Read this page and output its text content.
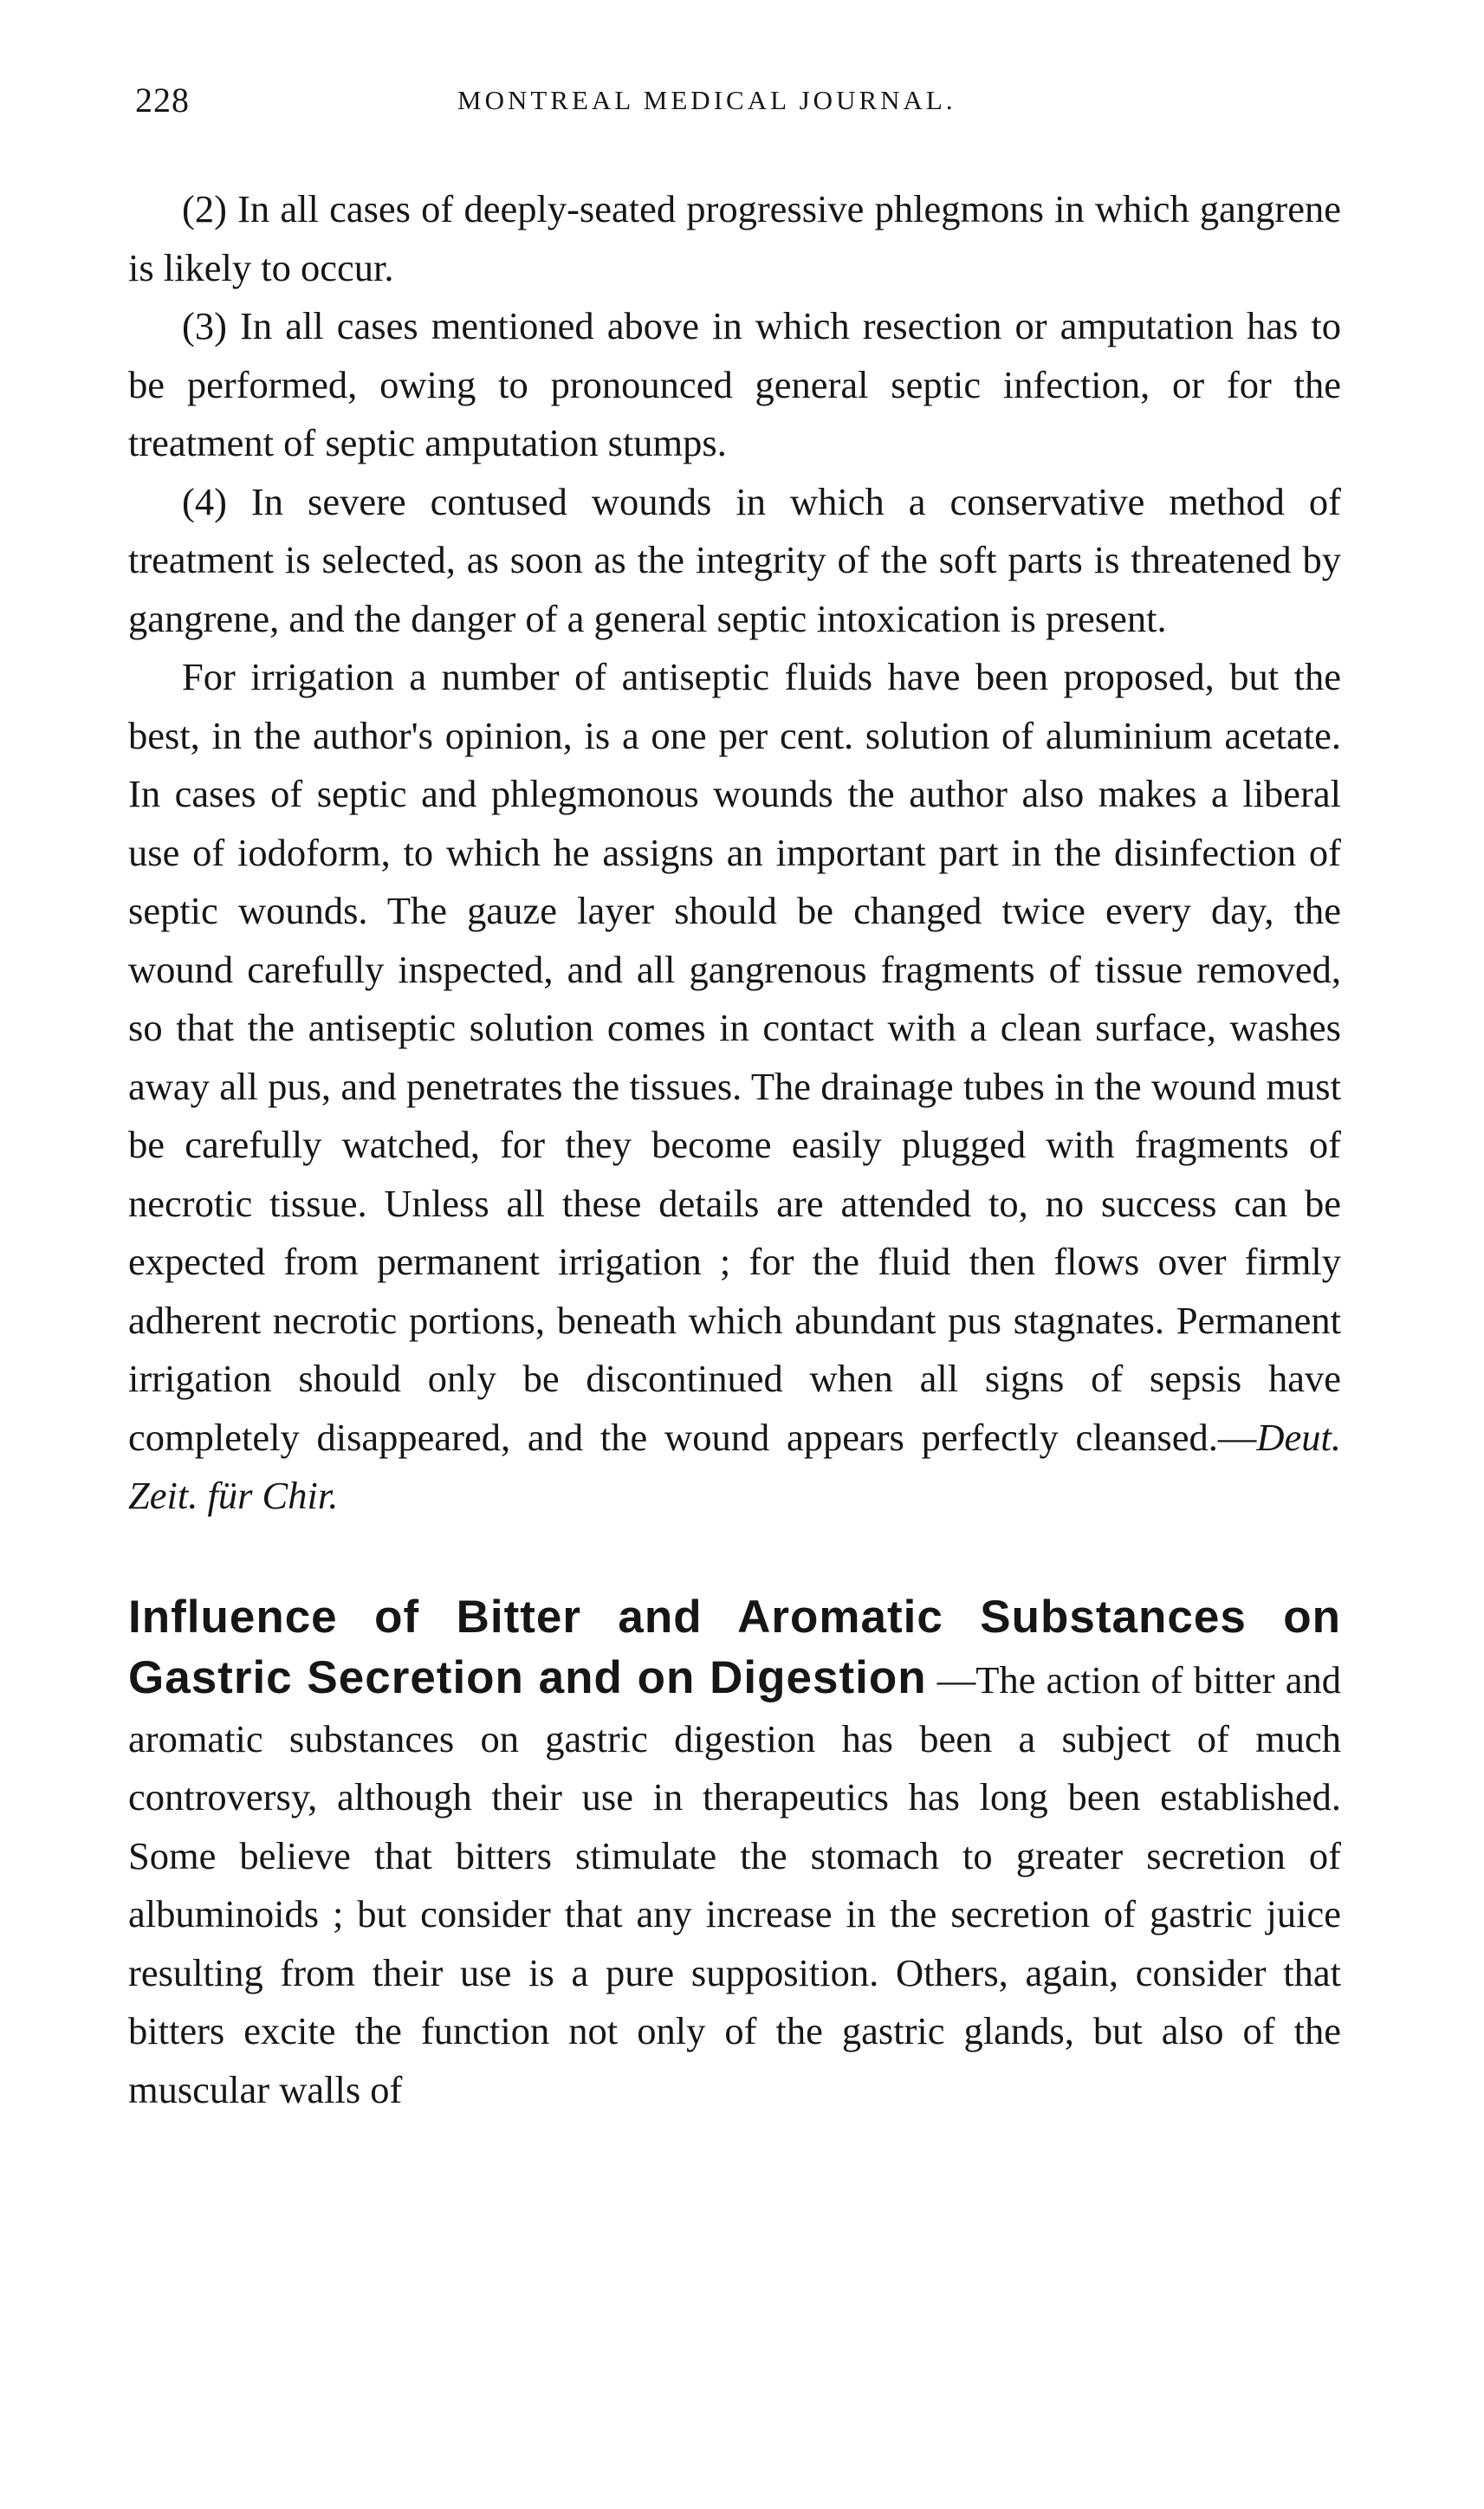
228	MONTREAL MEDICAL JOURNAL.

(2) In all cases of deeply-seated progressive phlegmons in which gangrene is likely to occur.

(3) In all cases mentioned above in which resection or amputation has to be performed, owing to pronounced general septic infection, or for the treatment of septic amputation stumps.

(4) In severe contused wounds in which a conservative method of treatment is selected, as soon as the integrity of the soft parts is threatened by gangrene, and the danger of a general septic intoxication is present.

For irrigation a number of antiseptic fluids have been proposed, but the best, in the author's opinion, is a one per cent. solution of aluminium acetate. In cases of septic and phlegmonous wounds the author also makes a liberal use of iodoform, to which he assigns an important part in the disinfection of septic wounds. The gauze layer should be changed twice every day, the wound carefully inspected, and all gangrenous fragments of tissue removed, so that the antiseptic solution comes in contact with a clean surface, washes away all pus, and penetrates the tissues. The drainage tubes in the wound must be carefully watched, for they become easily plugged with fragments of necrotic tissue. Unless all these details are attended to, no success can be expected from permanent irrigation ; for the fluid then flows over firmly adherent necrotic portions, beneath which abundant pus stagnates. Permanent irrigation should only be discontinued when all signs of sepsis have completely disappeared, and the wound appears perfectly cleansed.—Deut. Zeit. für Chir.

Influence of Bitter and Aromatic Substances on Gastric Secretion and on Digestion —The action of bitter and aromatic substances on gastric digestion has been a subject of much controversy, although their use in therapeutics has long been established. Some believe that bitters stimulate the stomach to greater secretion of albuminoids ; but consider that any increase in the secretion of gastric juice resulting from their use is a pure supposition. Others, again, consider that bitters excite the function not only of the gastric glands, but also of the muscular walls of
